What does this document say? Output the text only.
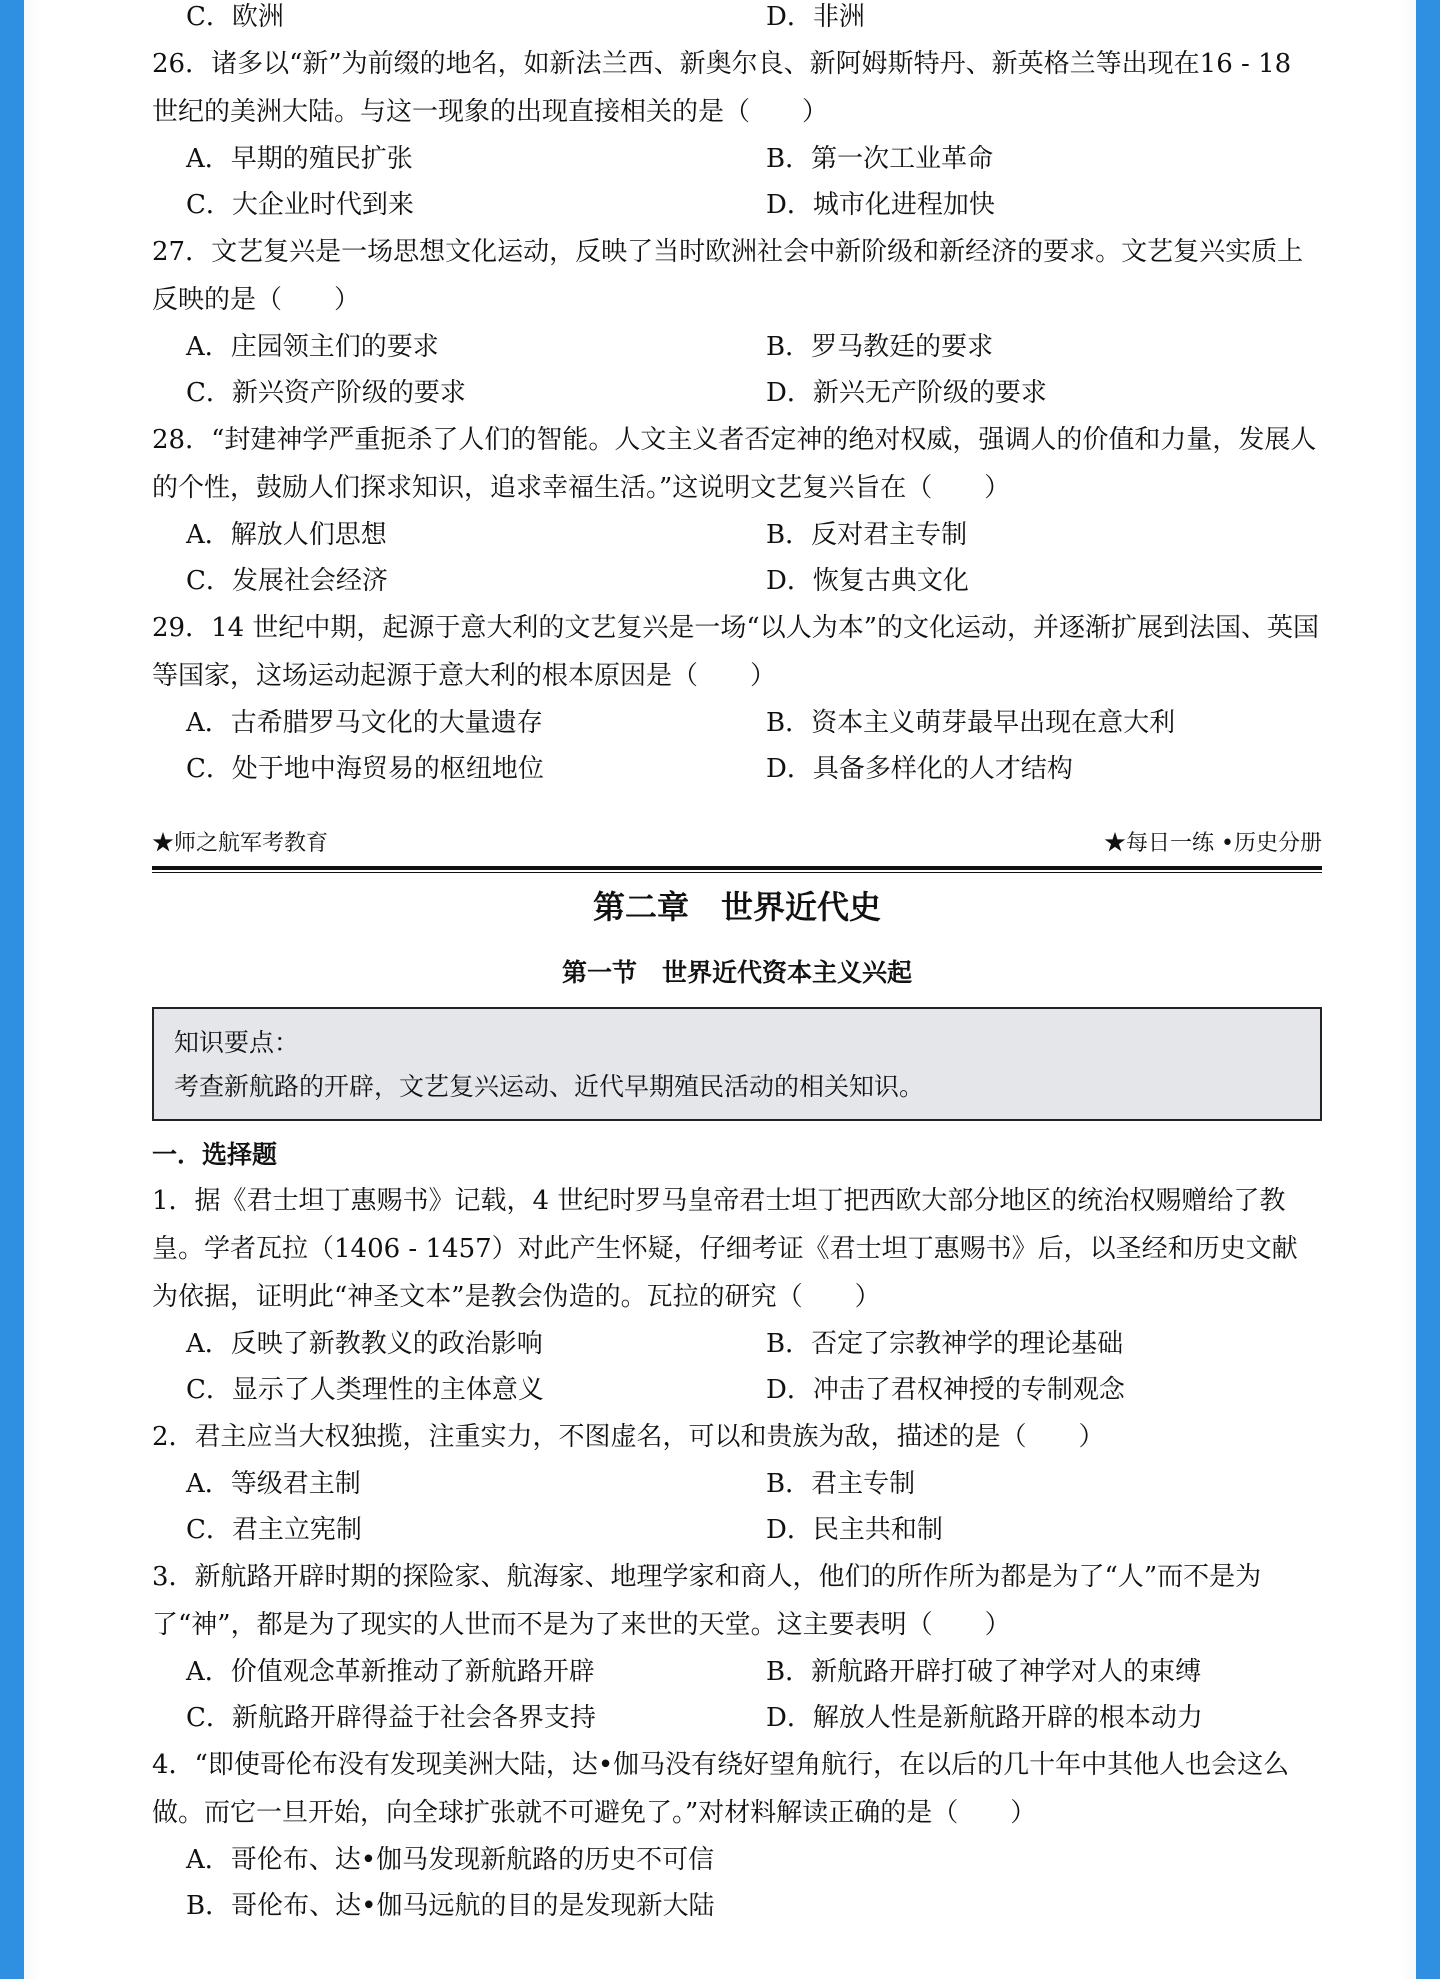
C．欧洲	D．非洲

26．诸多以“新”为前缀的地名，如新法兰西、新奥尔良、新阿姆斯特丹、新英格兰等出现在16 - 18 世纪的美洲大陆。与这一现象的出现直接相关的是（　　）

A．早期的殖民扩张	B．第一次工业革命
C．大企业时代到来	D．城市化进程加快

27．文艺复兴是一场思想文化运动，反映了当时欧洲社会中新阶级和新经济的要求。文艺复兴实质上反映的是（　　）

A．庄园领主们的要求	B．罗马教廷的要求
C．新兴资产阶级的要求	D．新兴无产阶级的要求

28．“封建神学严重扼杀了人们的智能。人文主义者否定神的绝对权威，强调人的价值和力量，发展人的个性，鼓励人们探求知识，追求幸福生活。”这说明文艺复兴旨在（　　）

A．解放人们思想	B．反对君主专制
C．发展社会经济	D．恢复古典文化

29．14 世纪中期，起源于意大利的文艺复兴是一场“以人为本”的文化运动，并逐渐扩展到法国、英国等国家，这场运动起源于意大利的根本原因是（　　）

A．古希腊罗马文化的大量遗存	B．资本主义萌芽最早出现在意大利
C．处于地中海贸易的枢纽地位	D．具备多样化的人才结构
★师之航军考教育	★每日一练 •历史分册
第二章　世界近代史
第一节　世界近代资本主义兴起
知识要点：
考查新航路的开辟，文艺复兴运动、近代早期殖民活动的相关知识。
一．选择题

1．据《君士坦丁惠赐书》记载，4 世纪时罗马皇帝君士坦丁把西欧大部分地区的统治权赐赠给了教皇。学者瓦拉（1406 - 1457）对此产生怀疑，仔细考证《君士坦丁惠赐书》后，以圣经和历史文献为依据，证明此“神圣文本”是教会伪造的。瓦拉的研究（　　）

A．反映了新教教义的政治影响	B．否定了宗教神学的理论基础
C．显示了人类理性的主体意义	D．冲击了君权神授的专制观念

2．君主应当大权独揽，注重实力，不图虚名，可以和贵族为敌，描述的是（　　）

A．等级君主制	B．君主专制
C．君主立宪制	D．民主共和制

3．新航路开辟时期的探险家、航海家、地理学家和商人，他们的所作所为都是为了“人”而不是为了“神”，都是为了现实的人世而不是为了来世的天堂。这主要表明（　　）

A．价值观念革新推动了新航路开辟	B．新航路开辟打破了神学对人的束缚
C．新航路开辟得益于社会各界支持	D．解放人性是新航路开辟的根本动力

4．“即使哥伦布没有发现美洲大陆，达•伽马没有绕好望角航行，在以后的几十年中其他人也会这么做。而它一旦开始，向全球扩张就不可避免了。”对材料解读正确的是（　　）

A．哥伦布、达•伽马发现新航路的历史不可信
B．哥伦布、达•伽马远航的目的是发现新大陆
